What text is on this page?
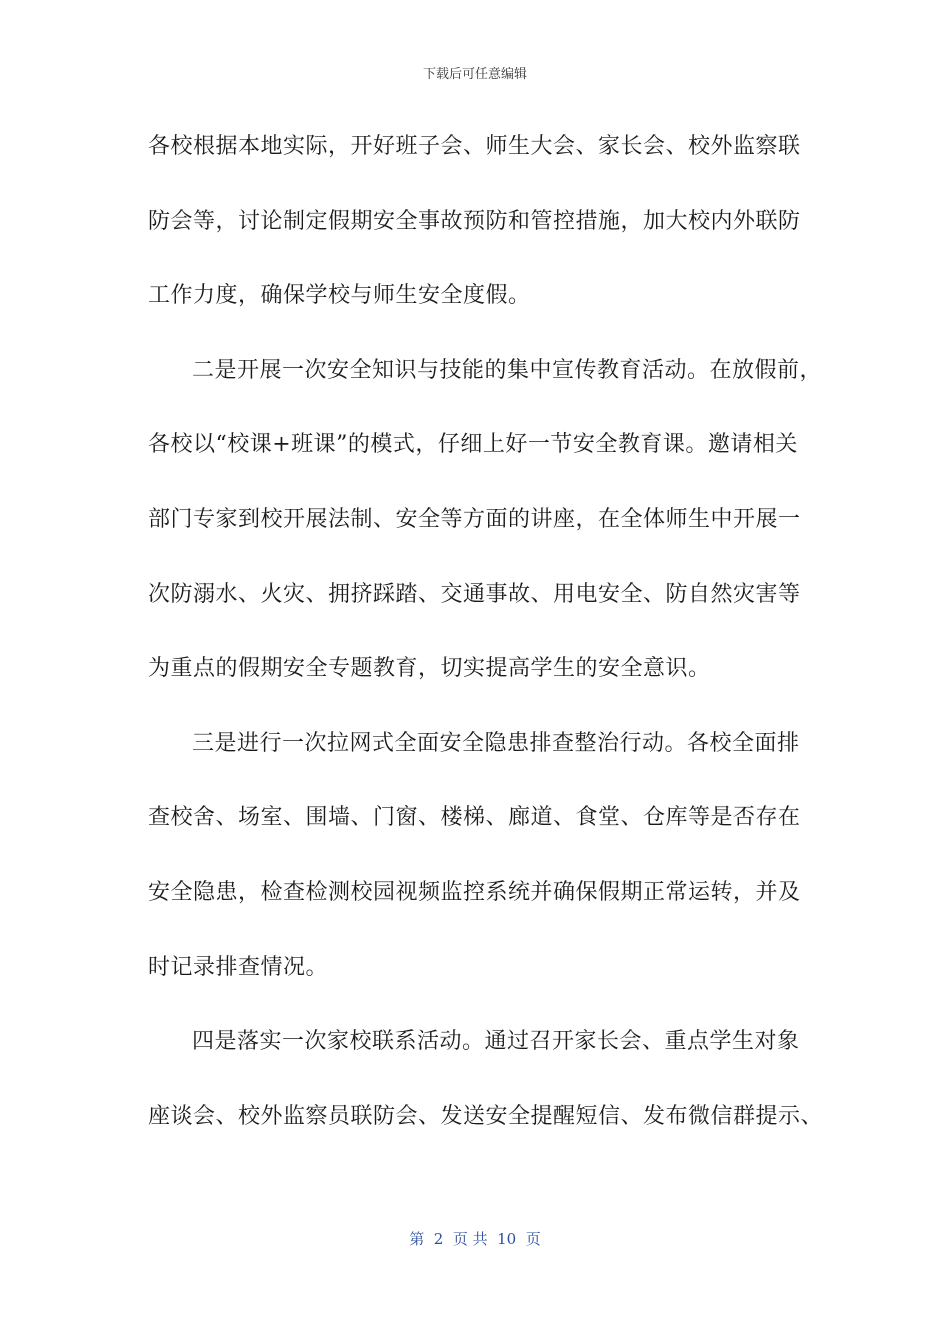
下载后可任意编辑
各校根据本地实际，开好班子会、师生大会、家长会、校外监察联
防会等，讨论制定假期安全事故预防和管控措施，加大校内外联防
工作力度，确保学校与师生安全度假。
二是开展一次安全知识与技能的集中宣传教育活动。在放假前，
各校以“校课+班课”的模式，仔细上好一节安全教育课。邀请相关
部门专家到校开展法制、安全等方面的讲座，在全体师生中开展一
次防溺水、火灾、拥挤踩踏、交通事故、用电安全、防自然灾害等
为重点的假期安全专题教育，切实提高学生的安全意识。
三是进行一次拉网式全面安全隐患排查整治行动。各校全面排
查校舍、场室、围墙、门窗、楼梯、廊道、食堂、仓库等是否存在
安全隐患，检查检测校园视频监控系统并确保假期正常运转，并及
时记录排查情况。
四是落实一次家校联系活动。通过召开家长会、重点学生对象
座谈会、校外监察员联防会、发送安全提醒短信、发布微信群提示、
第  2  页 共  10  页
